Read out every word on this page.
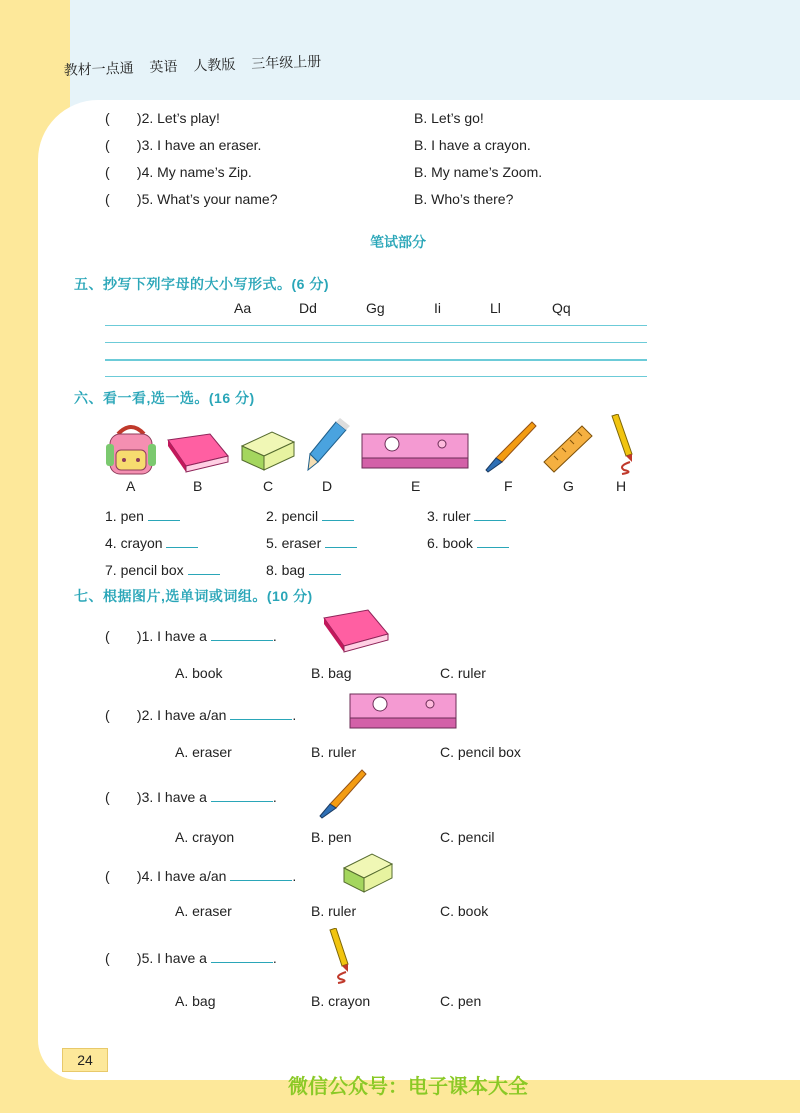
教材一点通 英语 人教版 三年级上册
(       )2. Let’s play!	B. Let’s go!
(       )3. I have an eraser.	B. I have a crayon.
(       )4. My name’s Zip.	B. My name’s Zoom.
(       )5. What’s your name?	B. Who’s there?
笔试部分
五、抄写下列字母的大小写形式。(6 分)
Aa	Dd	Gg	Ii	Ll	Qq
六、看一看,选一选。(16 分)
A	B	C	D	E	F	G	H
1. pen	2. pencil	3. ruler
4. crayon	5. eraser	6. book
7. pencil box	8. bag
七、根据图片,选单词或词组。(10 分)
(       )1. I have a	.
A. book	B. bag	C. ruler
(       )2. I have a/an	.
A. eraser	B. ruler	C. pencil box
(       )3. I have a	.
A. crayon	B. pen	C. pencil
(       )4. I have a/an	.
A. eraser	B. ruler	C. book
(       )5. I have a	.
A. bag	B. crayon	C. pen
24
微信公众号：电子课本大全
